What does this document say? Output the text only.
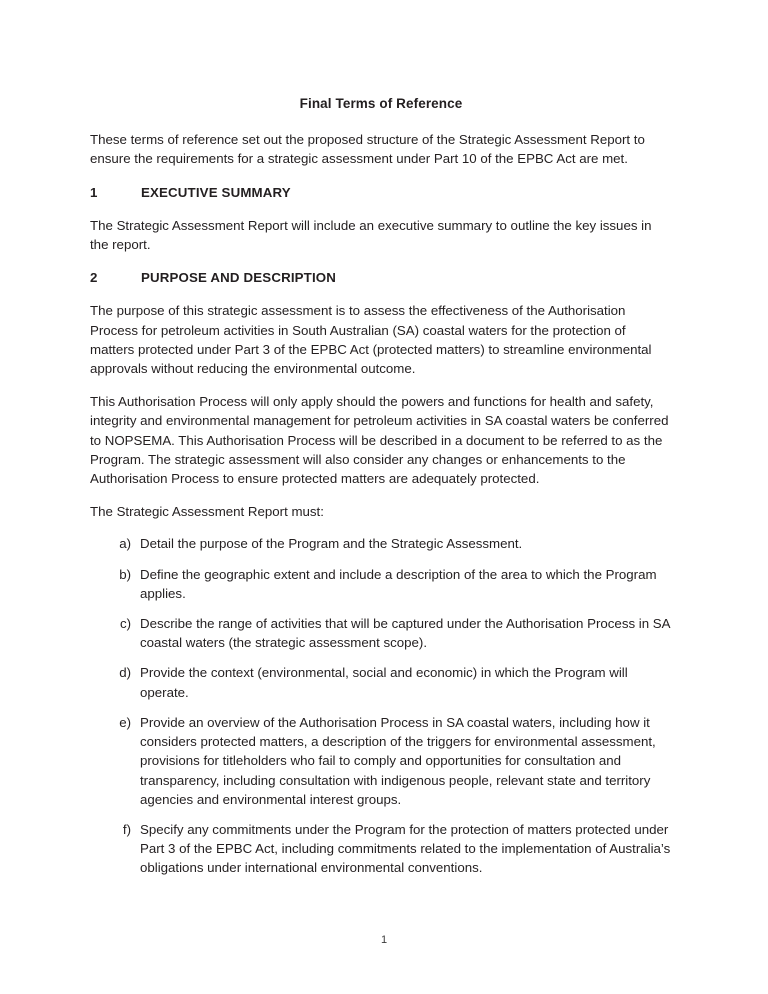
Final Terms of Reference

These terms of reference set out the proposed structure of the Strategic Assessment Report to ensure the requirements for a strategic assessment under Part 10 of the EPBC Act are met.

1	EXECUTIVE SUMMARY

The Strategic Assessment Report will include an executive summary to outline the key issues in the report.

2	PURPOSE AND DESCRIPTION

The purpose of this strategic assessment is to assess the effectiveness of the Authorisation Process for petroleum activities in South Australian (SA) coastal waters for the protection of matters protected under Part 3 of the EPBC Act (protected matters) to streamline environmental approvals without reducing the environmental outcome.

This Authorisation Process will only apply should the powers and functions for health and safety, integrity and environmental management for petroleum activities in SA coastal waters be conferred to NOPSEMA. This Authorisation Process will be described in a document to be referred to as the Program. The strategic assessment will also consider any changes or enhancements to the Authorisation Process to ensure protected matters are adequately protected.

The Strategic Assessment Report must:

a) Detail the purpose of the Program and the Strategic Assessment.
b) Define the geographic extent and include a description of the area to which the Program applies.
c) Describe the range of activities that will be captured under the Authorisation Process in SA coastal waters (the strategic assessment scope).
d) Provide the context (environmental, social and economic) in which the Program will operate.
e) Provide an overview of the Authorisation Process in SA coastal waters, including how it considers protected matters, a description of the triggers for environmental assessment, provisions for titleholders who fail to comply and opportunities for consultation and transparency, including consultation with indigenous people, relevant state and territory agencies and environmental interest groups.
f) Specify any commitments under the Program for the protection of matters protected under Part 3 of the EPBC Act, including commitments related to the implementation of Australia’s obligations under international environmental conventions.
1
